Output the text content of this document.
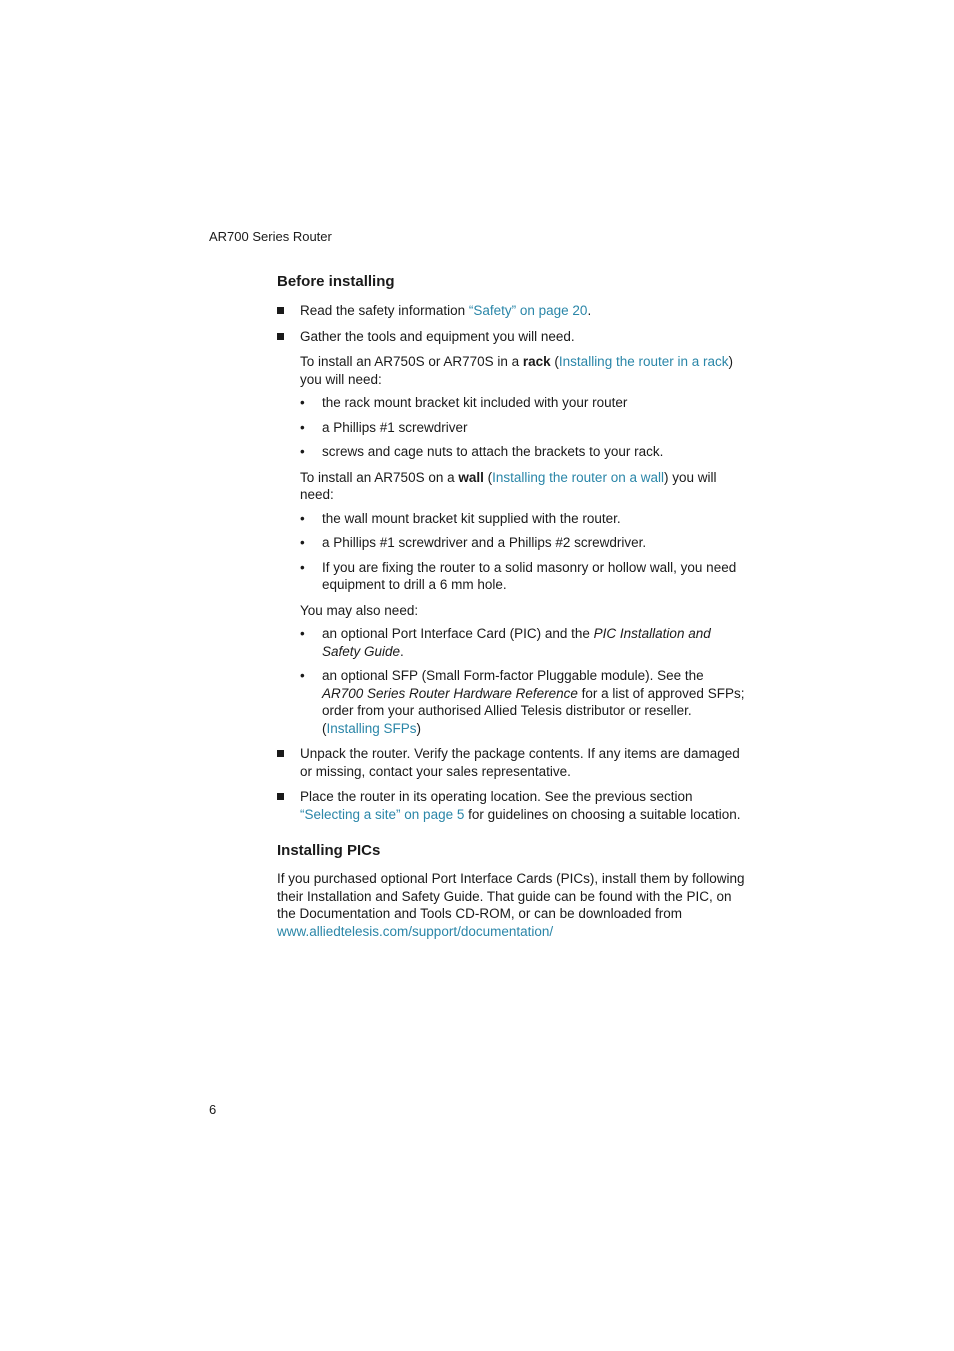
AR700 Series Router
Before installing
Read the safety information “Safety” on page 20.
Gather the tools and equipment you will need.
To install an AR750S or AR770S in a rack (Installing the router in a rack) you will need:
• the rack mount bracket kit included with your router
• a Phillips #1 screwdriver
• screws and cage nuts to attach the brackets to your rack.
To install an AR750S on a wall (Installing the router on a wall) you will need:
• the wall mount bracket kit supplied with the router.
• a Phillips #1 screwdriver and a Phillips #2 screwdriver.
• If you are fixing the router to a solid masonry or hollow wall, you need equipment to drill a 6 mm hole.
You may also need:
• an optional Port Interface Card (PIC) and the PIC Installation and Safety Guide.
• an optional SFP (Small Form-factor Pluggable module). See the AR700 Series Router Hardware Reference for a list of approved SFPs; order from your authorised Allied Telesis distributor or reseller. (Installing SFPs)
Unpack the router. Verify the package contents. If any items are damaged or missing, contact your sales representative.
Place the router in its operating location. See the previous section “Selecting a site” on page 5 for guidelines on choosing a suitable location.
Installing PICs

If you purchased optional Port Interface Cards (PICs), install them by following their Installation and Safety Guide. That guide can be found with the PIC, on the Documentation and Tools CD-ROM, or can be downloaded from
www.alliedtelesis.com/support/documentation/

6
